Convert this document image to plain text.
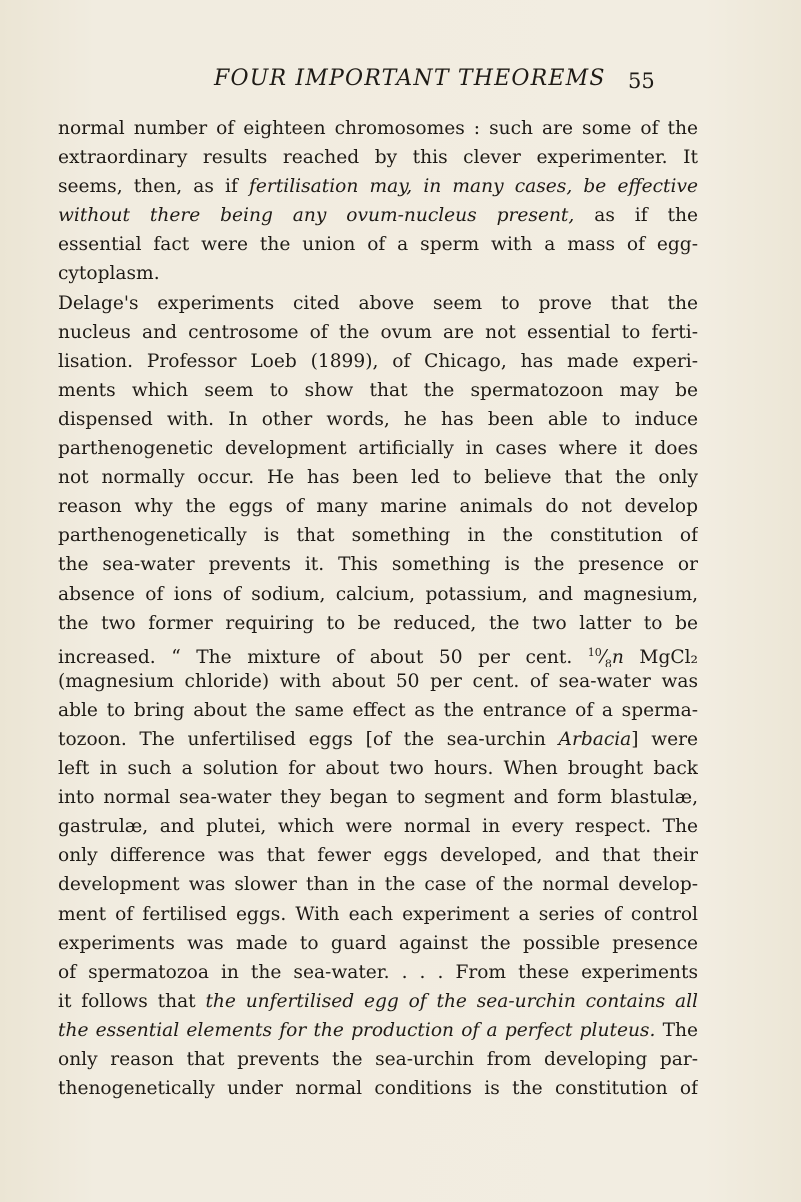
FOUR IMPORTANT THEOREMS 55

normal number of eighteen chromosomes : such are some of the
extraordinary results reached by this clever experimenter. It
seems, then, as if fertilisation may, in many cases, be effective
without there being any ovum-nucleus present, as if the
essential fact were the union of a sperm with a mass of egg-
cytoplasm.

Delage's experiments cited above seem to prove that the
nucleus and centrosome of the ovum are not essential to ferti-
lisation. Professor Loeb (1899), of Chicago, has made experi-
ments which seem to show that the spermatozoon may be
dispensed with. In other words, he has been able to induce
parthenogenetic development artificially in cases where it does
not normally occur. He has been led to believe that the only
reason why the eggs of many marine animals do not develop
parthenogenetically is that something in the constitution of
the sea-water prevents it. This something is the presence or
absence of ions of sodium, calcium, potassium, and magnesium,
the two former requiring to be reduced, the two latter to be
increased. “ The mixture of about 50 per cent. $^{10}⁄_8n$ MgCl₂
(magnesium chloride) with about 50 per cent. of sea-water was
able to bring about the same effect as the entrance of a sperma-
tozoon. The unfertilised eggs [of the sea-urchin Arbacia] were
left in such a solution for about two hours. When brought back
into normal sea-water they began to segment and form blastulæ,
gastrulæ, and plutei, which were normal in every respect. The
only difference was that fewer eggs developed, and that their
development was slower than in the case of the normal develop-
ment of fertilised eggs. With each experiment a series of control
experiments was made to guard against the possible presence
of spermatozoa in the sea-water. . . . From these experiments
it follows that the unfertilised egg of the sea-urchin contains all
the essential elements for the production of a perfect pluteus. The
only reason that prevents the sea-urchin from developing par-
thenogenetically under normal conditions is the constitution of
